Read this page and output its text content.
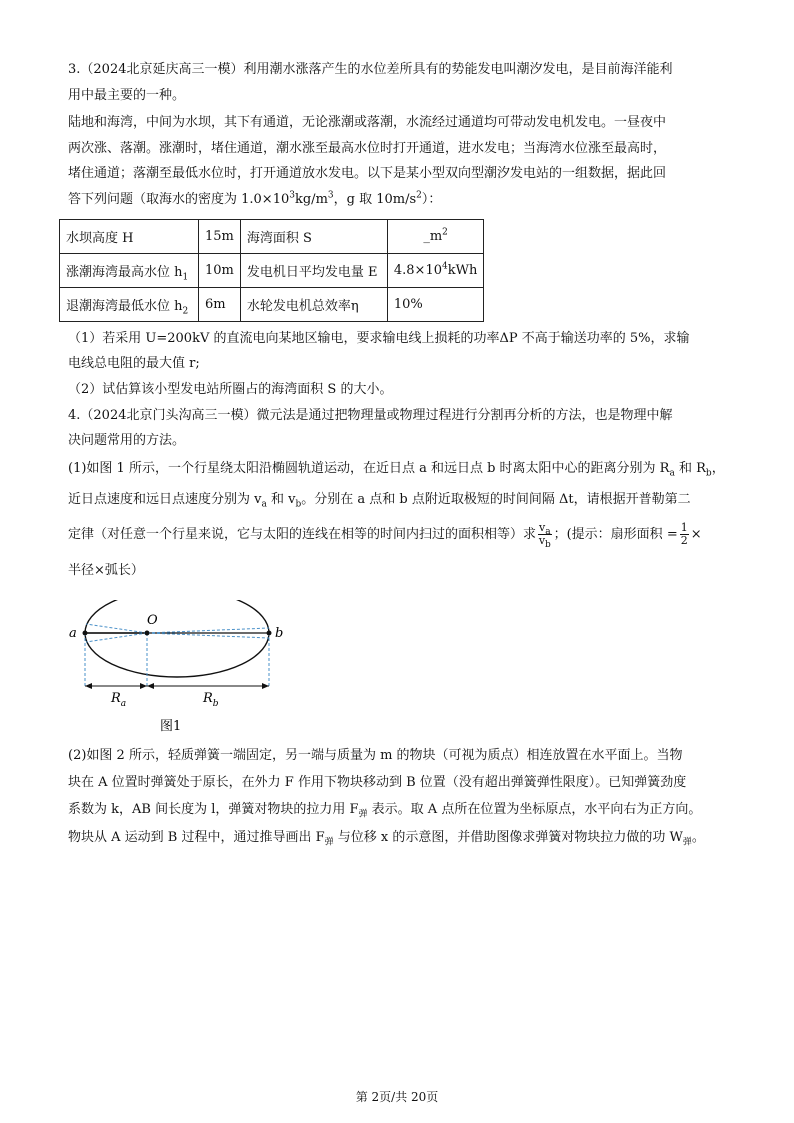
3.（2024北京延庆高三一模）利用潮水涨落产生的水位差所具有的势能发电叫潮汐发电，是目前海洋能利
用中最主要的一种。
陆地和海湾，中间为水坝，其下有通道，无论涨潮或落潮，水流经过通道均可带动发电机发电。一昼夜中
两次涨、落潮。涨潮时，堵住通道，潮水涨至最高水位时打开通道，进水发电；当海湾水位涨至最高时，
堵住通道；落潮至最低水位时，打开通道放水发电。以下是某小型双向型潮汐发电站的一组数据，据此回
答下列问题（取海水的密度为 $1.0\times 10^3kg/m^3$，g 取 $10m/s^2$）：
水坝高度 H	15m	海湾面积 S	$\_m^2$
涨潮海湾最高水位 $h_1$	10m	发电机日平均发电量 E	$4.8\times 10^4kWh$
退潮海湾最低水位 $h_2$	6m	水轮发电机总效率η	10%
（1）若采用 U=200kV 的直流电向某地区输电，要求输电线上损耗的功率ΔP 不高于输送功率的 5%，求输
电线总电阻的最大值 r;
（2）试估算该小型发电站所圈占的海湾面积 S 的大小。
4.（2024北京门头沟高三一模）微元法是通过把物理量或物理过程进行分割再分析的方法，也是物理中解
决问题常用的方法。
(1)如图 1 所示，一个行星绕太阳沿椭圆轨道运动，在近日点 a 和远日点 b 时离太阳中心的距离分别为 $R_a$ 和 $R_b$，
近日点速度和远日点速度分别为 $v_a$ 和 $v_b$。分别在 a 点和 b 点附近取极短的时间间隔 Δt，请根据开普勒第二
定律（对任意一个行星来说，它与太阳的连线在相等的时间内扫过的面积相等）求 $\frac{v_a}{v_b}$ ；(提示：扇形面积 = $\frac{1}{2}$ ×
半径×弧长）
a	b
O
$R_a$	$R_b$
图1
(2)如图 2 所示，轻质弹簧一端固定，另一端与质量为 m 的物块（可视为质点）相连放置在水平面上。当物
块在 A 位置时弹簧处于原长，在外力 F 作用下物块移动到 B 位置（没有超出弹簧弹性限度）。已知弹簧劲度
系数为 k，AB 间长度为 l，弹簧对物块的拉力用 $F_弹$ 表示。取 A 点所在位置为坐标原点，水平向右为正方向。
物块从 A 运动到 B 过程中，通过推导画出 $F_弹$ 与位移 x 的示意图，并借助图像求弹簧对物块拉力做的功 $W_弹$。
第 2页/共 20页
